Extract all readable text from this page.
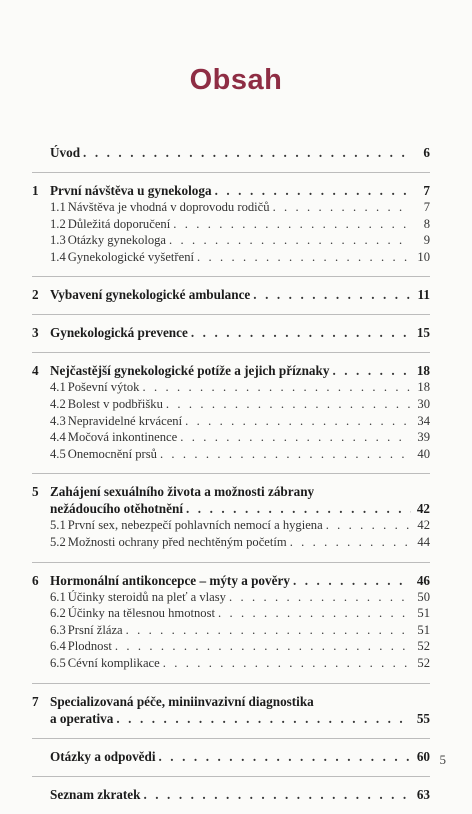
Obsah
Úvod . . .	6
1 První návštěva u gynekologa . . .	7
1.1 Návštěva je vhodná v doprovodu rodičů . . .	7
1.2 Důležitá doporučení . . .	8
1.3 Otázky gynekologa . . .	9
1.4 Gynekologické vyšetření . . .	10
2 Vybavení gynekologické ambulance . . .	11
3 Gynekologická prevence . . .	15
4 Nejčastější gynekologické potíže a jejich příznaky . . .	18
4.1 Poševní výtok . . .	18
4.2 Bolest v podbřišku . . .	30
4.3 Nepravidelné krvácení . . .	34
4.4 Močová inkontinence . . .	39
4.5 Onemocnění prsů . . .	40
5 Zahájení sexuálního života a možnosti zábrany
nežádoucího otěhotnění . . .	42
5.1 První sex, nebezpečí pohlavních nemocí a hygiena . . .	42
5.2 Možnosti ochrany před nechtěným početím . . .	44
6 Hormonální antikoncepce – mýty a pověry . . .	46
6.1 Účinky steroidů na pleť a vlasy . . .	50
6.2 Účinky na tělesnou hmotnost . . .	51
6.3 Prsní žláza . . .	51
6.4 Plodnost . . .	52
6.5 Cévní komplikace . . .	52
7 Specializovaná péče, miniinvazivní diagnostika
a operativa . . .	55
Otázky a odpovědi . . .	60
Seznam zkratek . . .	63
5
